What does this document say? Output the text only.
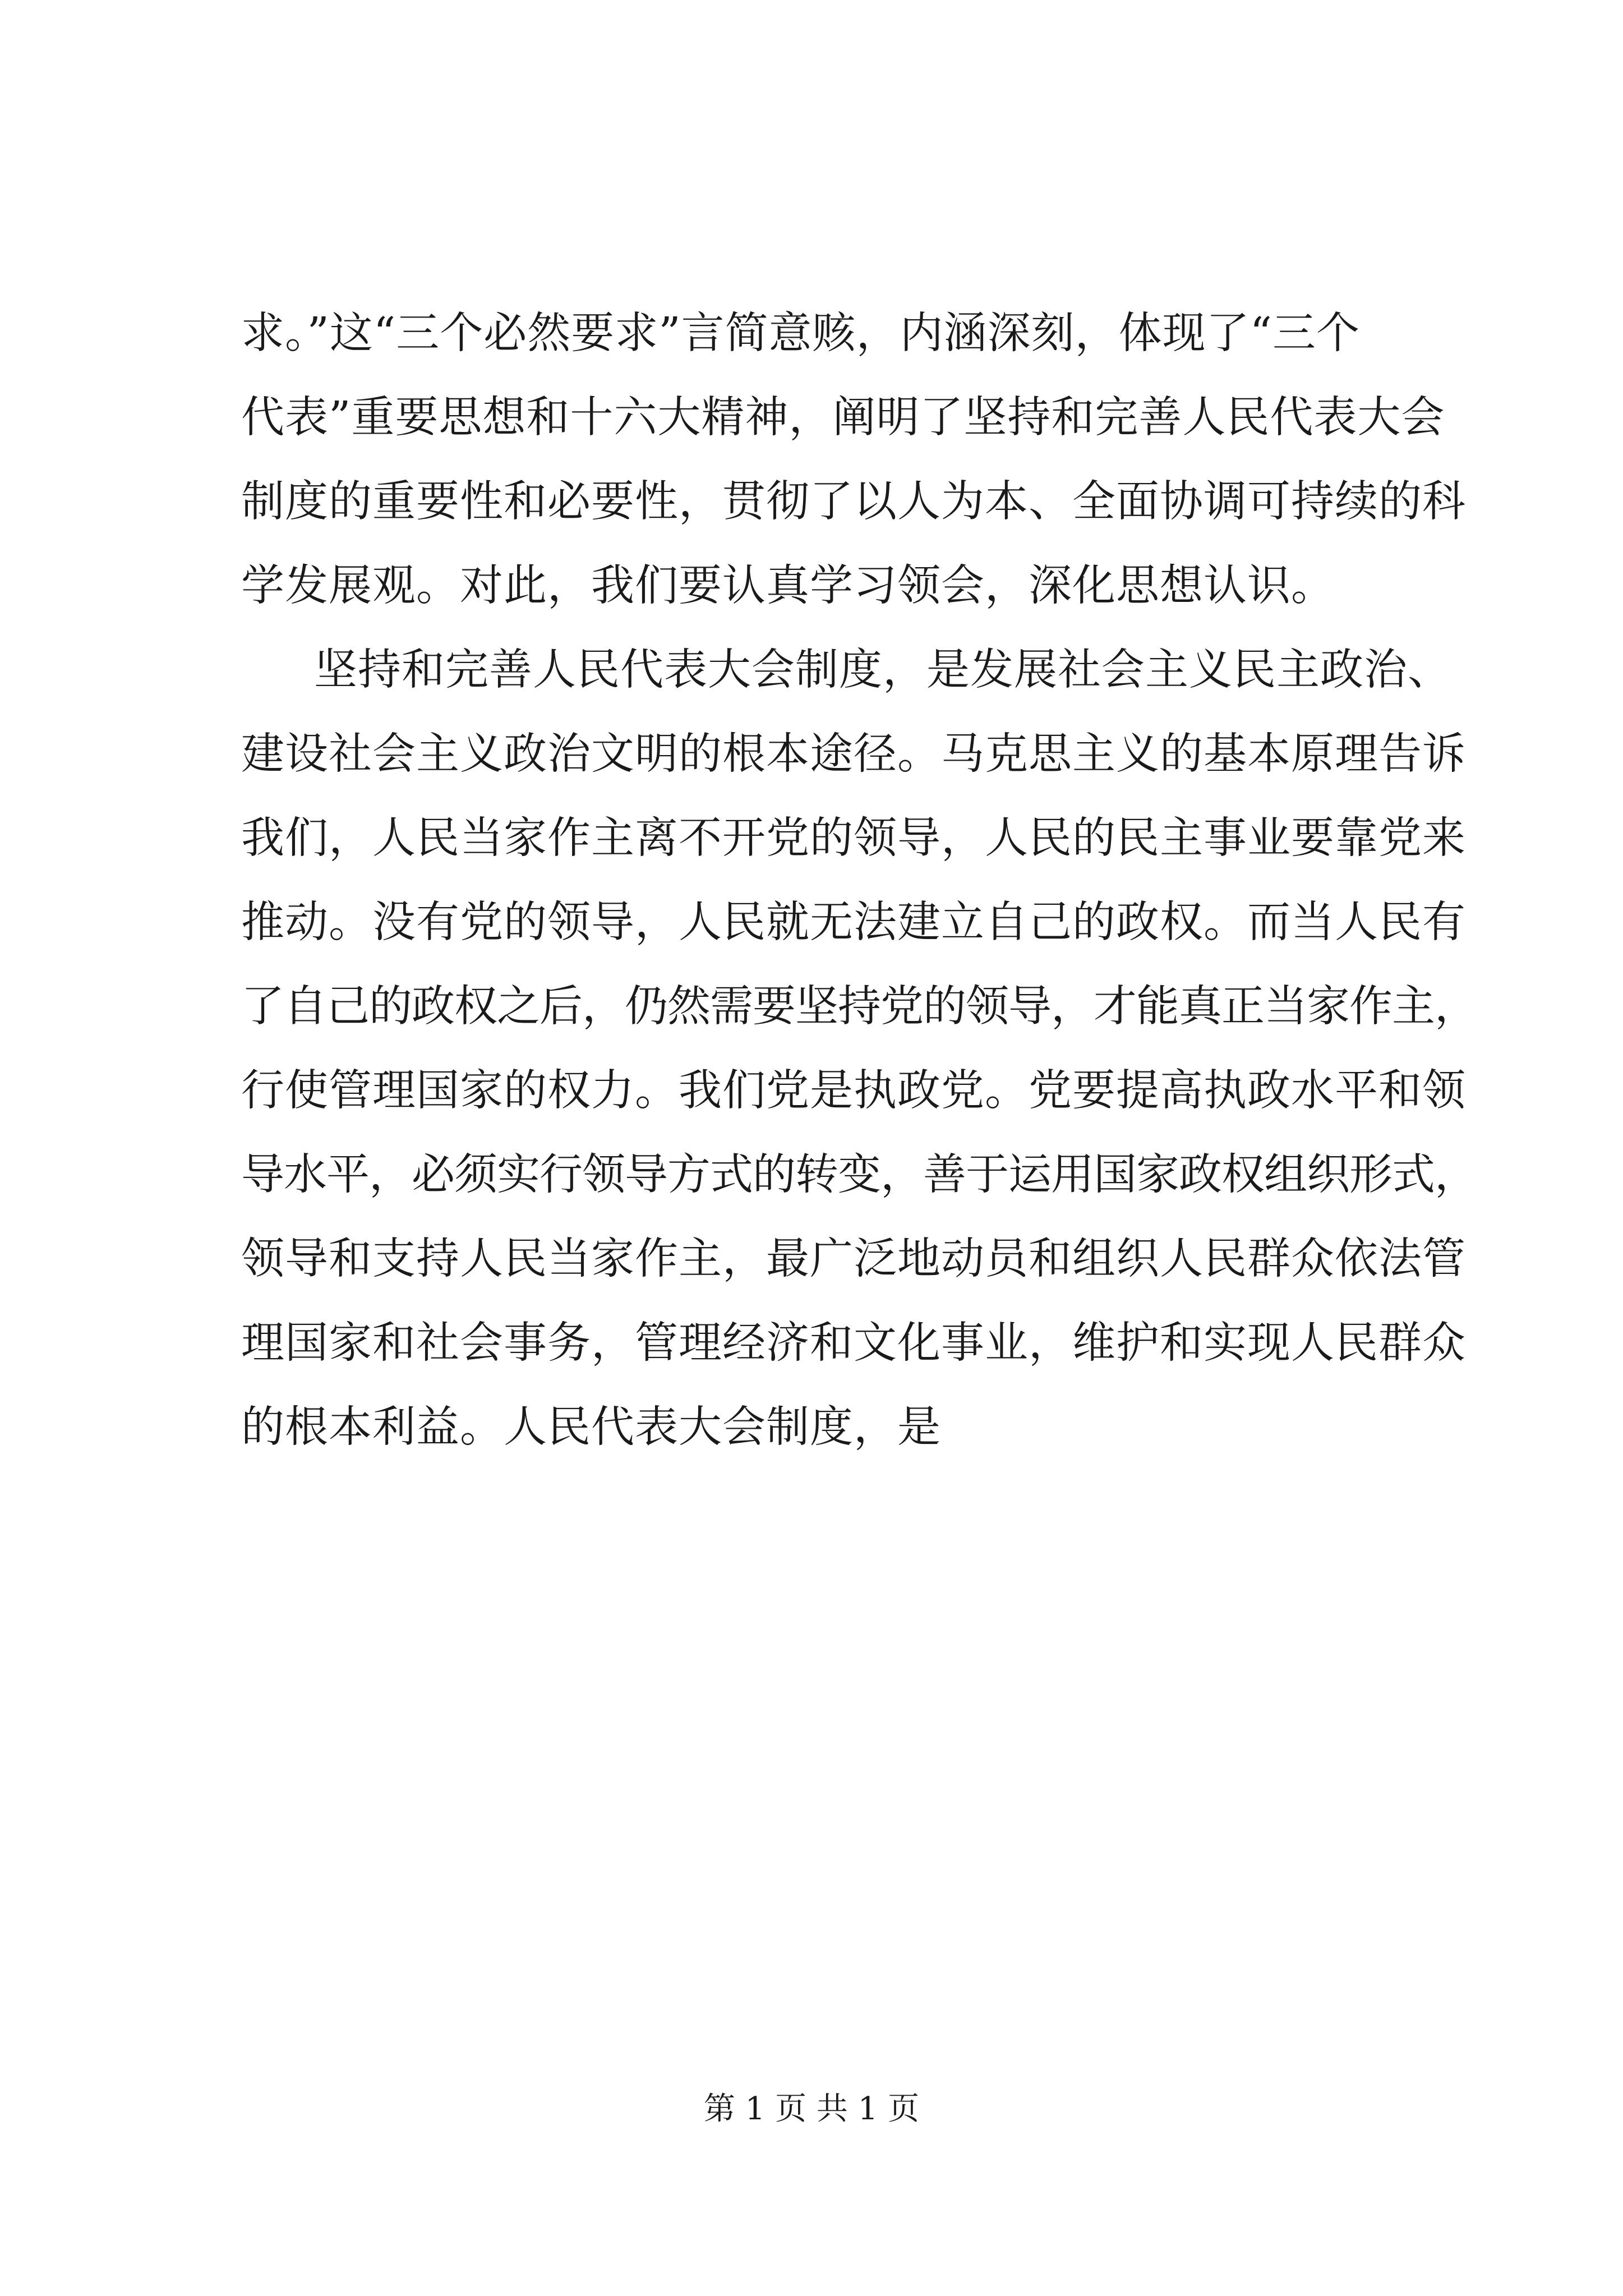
求。”这“三个必然要求”言简意赅，内涵深刻，体现了“三个
代表”重要思想和十六大精神，阐明了坚持和完善人民代表大会
制度的重要性和必要性，贯彻了以人为本、全面协调可持续的科
学发展观。对此，我们要认真学习领会，深化思想认识。
坚持和完善人民代表大会制度，是发展社会主义民主政治、
建设社会主义政治文明的根本途径。马克思主义的基本原理告诉
我们，人民当家作主离不开党的领导，人民的民主事业要靠党来
推动。没有党的领导，人民就无法建立自己的政权。而当人民有
了自己的政权之后，仍然需要坚持党的领导，才能真正当家作主，
行使管理国家的权力。我们党是执政党。党要提高执政水平和领
导水平，必须实行领导方式的转变，善于运用国家政权组织形式，
领导和支持人民当家作主，最广泛地动员和组织人民群众依法管
理国家和社会事务，管理经济和文化事业，维护和实现人民群众
的根本利益。人民代表大会制度，是
第 1 页 共 1 页
